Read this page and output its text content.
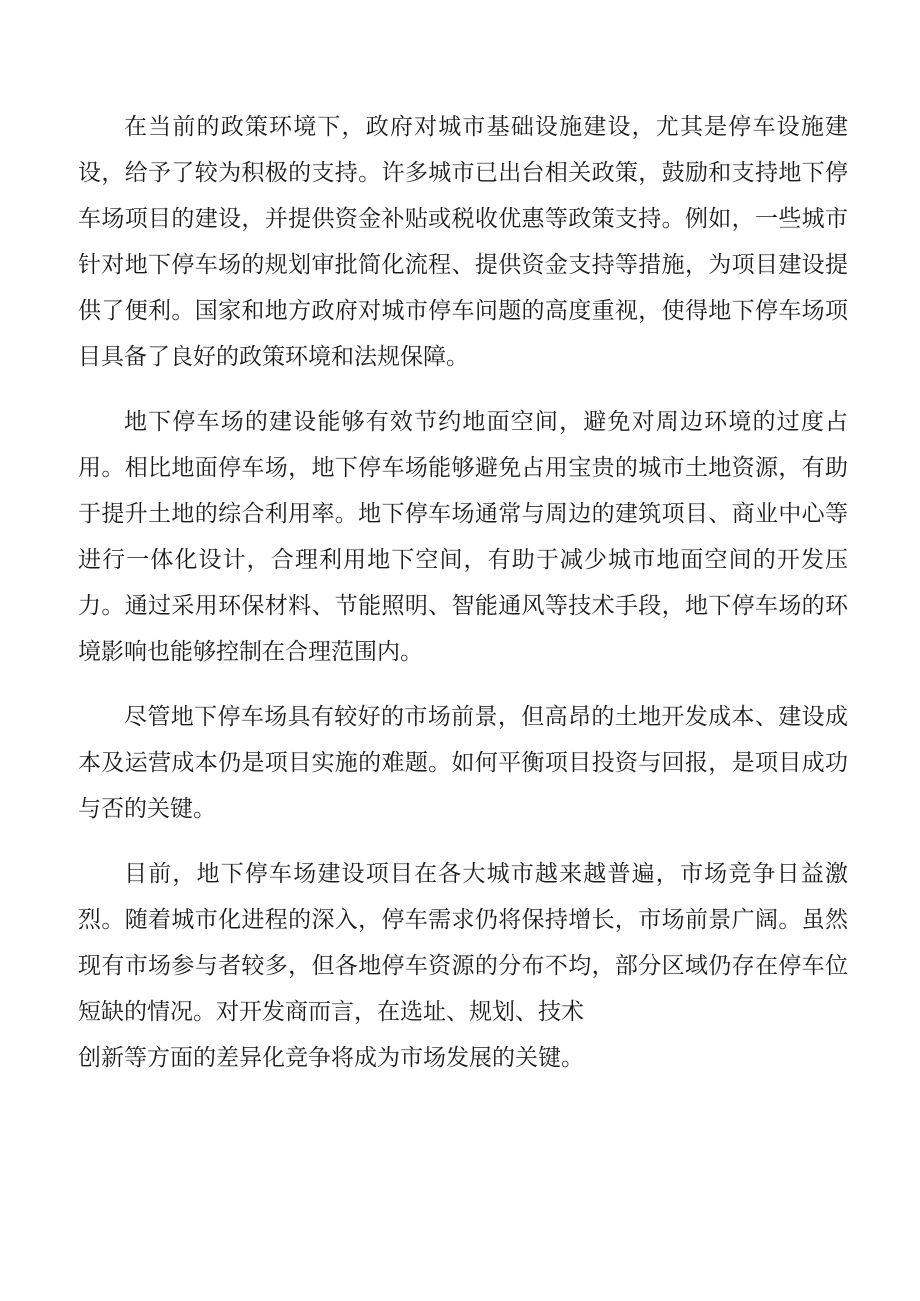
在当前的政策环境下，政府对城市基础设施建设，尤其是停车设施建设，给予了较为积极的支持。许多城市已出台相关政策，鼓励和支持地下停车场项目的建设，并提供资金补贴或税收优惠等政策支持。例如，一些城市针对地下停车场的规划审批简化流程、提供资金支持等措施，为项目建设提供了便利。国家和地方政府对城市停车问题的高度重视，使得地下停车场项目具备了良好的政策环境和法规保障。

地下停车场的建设能够有效节约地面空间，避免对周边环境的过度占用。相比地面停车场，地下停车场能够避免占用宝贵的城市土地资源，有助于提升土地的综合利用率。地下停车场通常与周边的建筑项目、商业中心等进行一体化设计，合理利用地下空间，有助于减少城市地面空间的开发压力。通过采用环保材料、节能照明、智能通风等技术手段，地下停车场的环境影响也能够控制在合理范围内。

尽管地下停车场具有较好的市场前景，但高昂的土地开发成本、建设成本及运营成本仍是项目实施的难题。如何平衡项目投资与回报，是项目成功与否的关键。

目前，地下停车场建设项目在各大城市越来越普遍，市场竞争日益激烈。随着城市化进程的深入，停车需求仍将保持增长，市场前景广阔。虽然现有市场参与者较多，但各地停车资源的分布不均，部分区域仍存在停车位短缺的情况。对开发商而言，在选址、规划、技术
创新等方面的差异化竞争将成为市场发展的关键。
